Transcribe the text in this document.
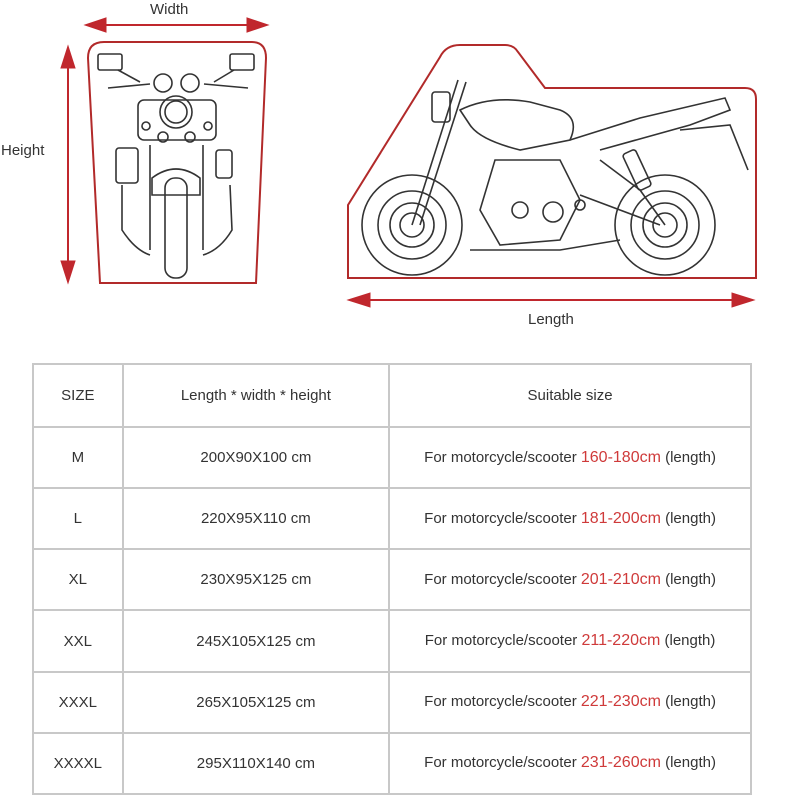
Width
Height
Length
SIZE	Length * width * height	Suitable size
M	200X90X100 cm	For motorcycle/scooter 160-180cm (length)
L	220X95X110 cm	For motorcycle/scooter 181-200cm (length)
XL	230X95X125 cm	For motorcycle/scooter 201-210cm (length)
XXL	245X105X125 cm	For motorcycle/scooter 211-220cm (length)
XXXL	265X105X125 cm	For motorcycle/scooter 221-230cm (length)
XXXXL	295X110X140 cm	For motorcycle/scooter 231-260cm (length)
